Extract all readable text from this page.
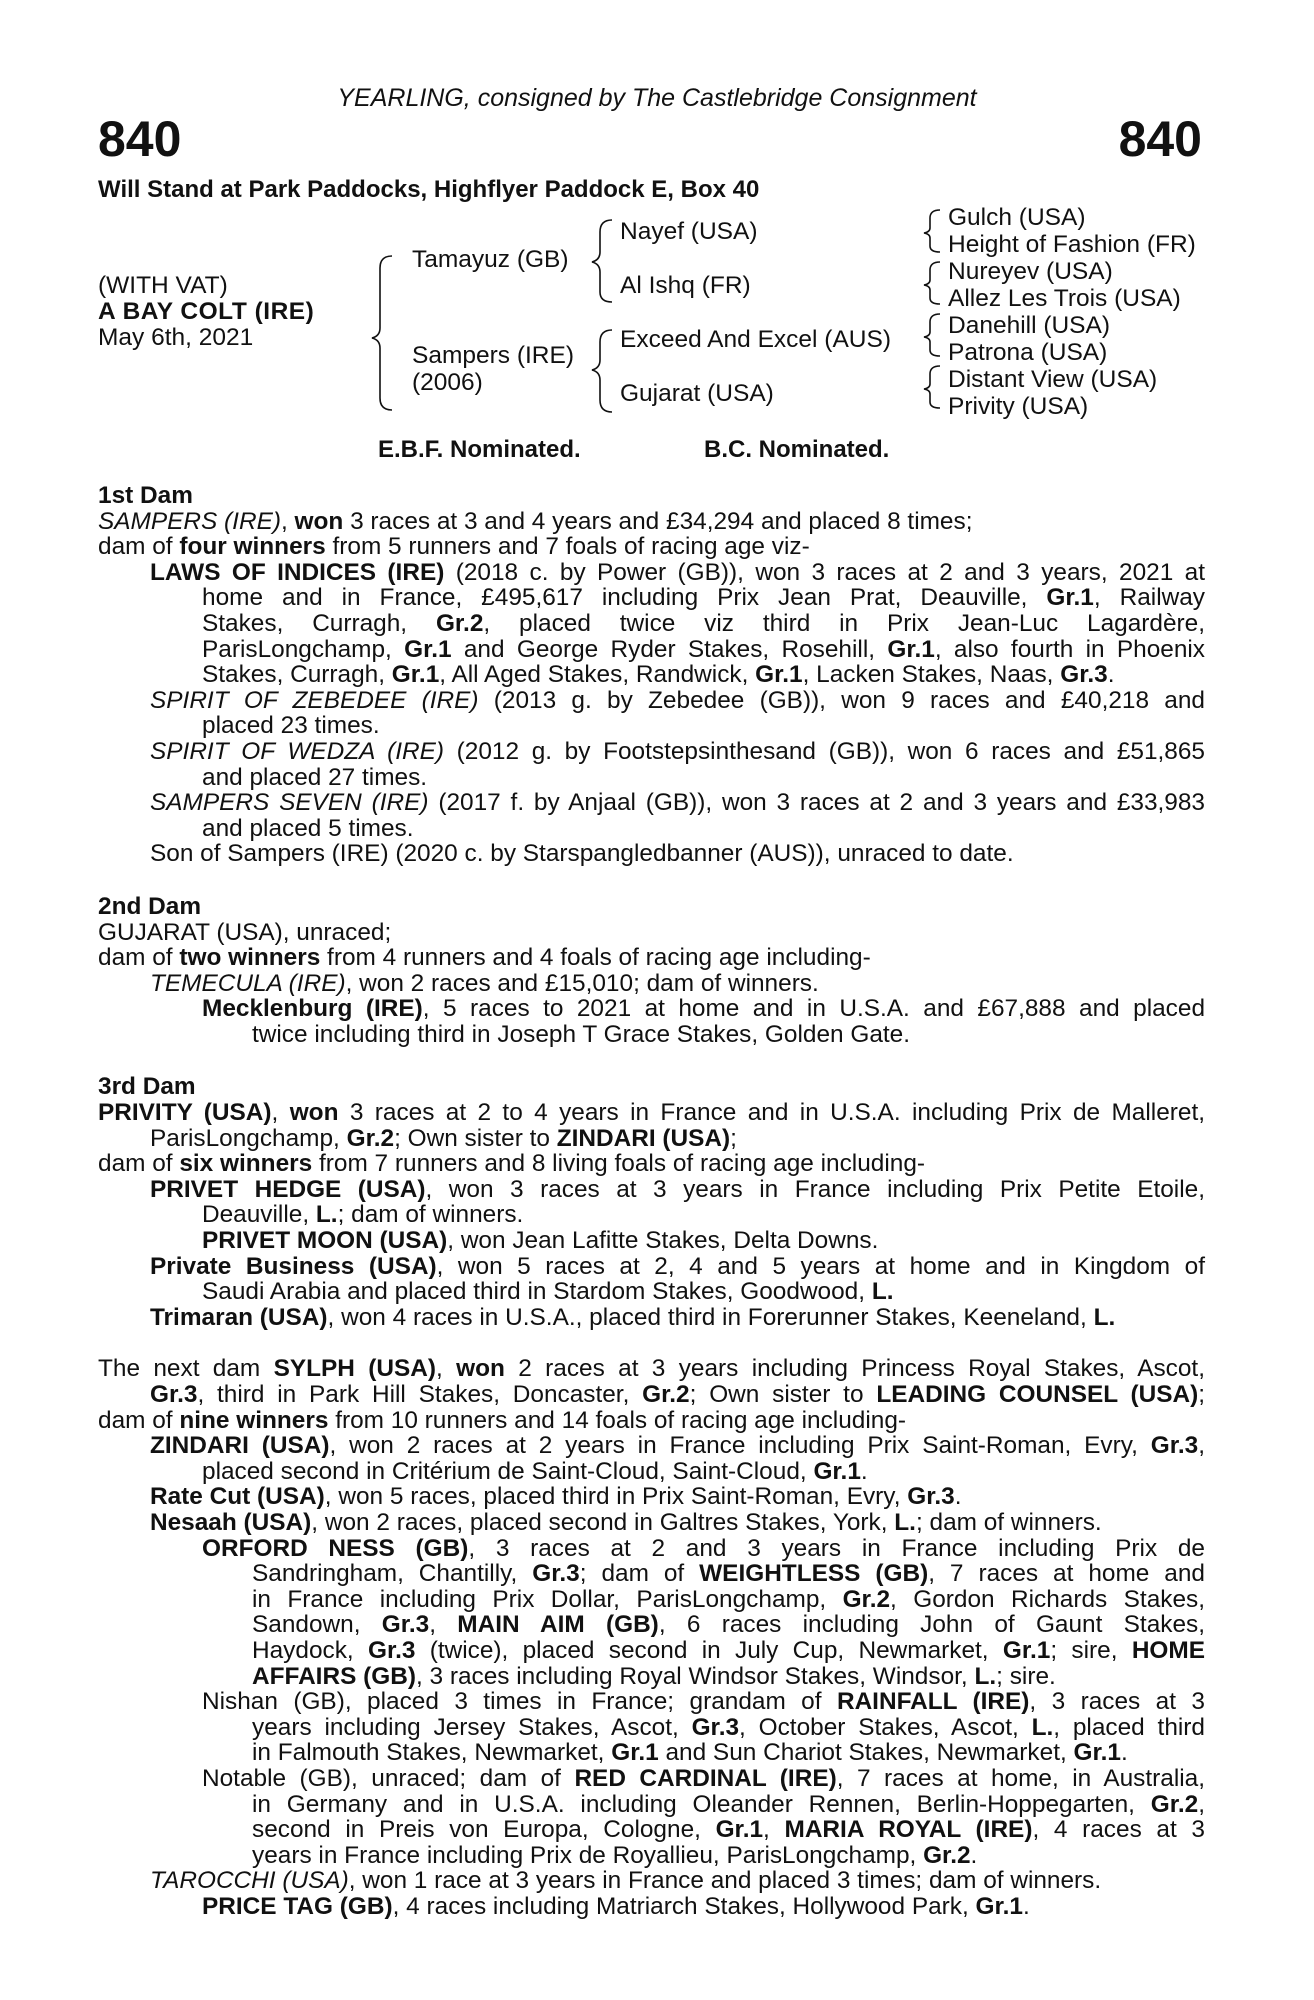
840	840
YEARLING, consigned by The Castlebridge Consignment
Will Stand at Park Paddocks, Highflyer Paddock E, Box 40
(WITH VAT)
A BAY COLT (IRE)
May 6th, 2021
Tamayuz (GB)
Sampers (IRE)
(2006)
Nayef (USA)
Al Ishq (FR)
Exceed And Excel (AUS)
Gujarat (USA)
Gulch (USA)
Height of Fashion (FR)
Nureyev (USA)
Allez Les Trois (USA)
Danehill (USA)
Patrona (USA)
Distant View (USA)
Privity (USA)
E.B.F. Nominated.	B.C. Nominated.
1st Dam
SAMPERS (IRE), won 3 races at 3 and 4 years and £34,294 and placed 8 times;
dam of four winners from 5 runners and 7 foals of racing age viz-
LAWS OF INDICES (IRE) (2018 c. by Power (GB)), won 3 races at 2 and 3 years, 2021 at
home and in France, £495,617 including Prix Jean Prat, Deauville, Gr.1, Railway
Stakes, Curragh, Gr.2, placed twice viz third in Prix Jean-Luc Lagardère,
ParisLongchamp, Gr.1 and George Ryder Stakes, Rosehill, Gr.1, also fourth in Phoenix
Stakes, Curragh, Gr.1, All Aged Stakes, Randwick, Gr.1, Lacken Stakes, Naas, Gr.3.
SPIRIT OF ZEBEDEE (IRE) (2013 g. by Zebedee (GB)), won 9 races and £40,218 and
placed 23 times.
SPIRIT OF WEDZA (IRE) (2012 g. by Footstepsinthesand (GB)), won 6 races and £51,865
and placed 27 times.
SAMPERS SEVEN (IRE) (2017 f. by Anjaal (GB)), won 3 races at 2 and 3 years and £33,983
and placed 5 times.
Son of Sampers (IRE) (2020 c. by Starspangledbanner (AUS)), unraced to date.
2nd Dam
GUJARAT (USA), unraced;
dam of two winners from 4 runners and 4 foals of racing age including-
TEMECULA (IRE), won 2 races and £15,010; dam of winners.
Mecklenburg (IRE), 5 races to 2021 at home and in U.S.A. and £67,888 and placed
twice including third in Joseph T Grace Stakes, Golden Gate.
3rd Dam
PRIVITY (USA), won 3 races at 2 to 4 years in France and in U.S.A. including Prix de Malleret,
ParisLongchamp, Gr.2; Own sister to ZINDARI (USA);
dam of six winners from 7 runners and 8 living foals of racing age including-
PRIVET HEDGE (USA), won 3 races at 3 years in France including Prix Petite Etoile,
Deauville, L.; dam of winners.
PRIVET MOON (USA), won Jean Lafitte Stakes, Delta Downs.
Private Business (USA), won 5 races at 2, 4 and 5 years at home and in Kingdom of
Saudi Arabia and placed third in Stardom Stakes, Goodwood, L.
Trimaran (USA), won 4 races in U.S.A., placed third in Forerunner Stakes, Keeneland, L.
The next dam SYLPH (USA), won 2 races at 3 years including Princess Royal Stakes, Ascot,
Gr.3, third in Park Hill Stakes, Doncaster, Gr.2; Own sister to LEADING COUNSEL (USA);
dam of nine winners from 10 runners and 14 foals of racing age including-
ZINDARI (USA), won 2 races at 2 years in France including Prix Saint-Roman, Evry, Gr.3,
placed second in Critérium de Saint-Cloud, Saint-Cloud, Gr.1.
Rate Cut (USA), won 5 races, placed third in Prix Saint-Roman, Evry, Gr.3.
Nesaah (USA), won 2 races, placed second in Galtres Stakes, York, L.; dam of winners.
ORFORD NESS (GB), 3 races at 2 and 3 years in France including Prix de
Sandringham, Chantilly, Gr.3; dam of WEIGHTLESS (GB), 7 races at home and
in France including Prix Dollar, ParisLongchamp, Gr.2, Gordon Richards Stakes,
Sandown, Gr.3, MAIN AIM (GB), 6 races including John of Gaunt Stakes,
Haydock, Gr.3 (twice), placed second in July Cup, Newmarket, Gr.1; sire, HOME
AFFAIRS (GB), 3 races including Royal Windsor Stakes, Windsor, L.; sire.
Nishan (GB), placed 3 times in France; grandam of RAINFALL (IRE), 3 races at 3
years including Jersey Stakes, Ascot, Gr.3, October Stakes, Ascot, L., placed third
in Falmouth Stakes, Newmarket, Gr.1 and Sun Chariot Stakes, Newmarket, Gr.1.
Notable (GB), unraced; dam of RED CARDINAL (IRE), 7 races at home, in Australia,
in Germany and in U.S.A. including Oleander Rennen, Berlin-Hoppegarten, Gr.2,
second in Preis von Europa, Cologne, Gr.1, MARIA ROYAL (IRE), 4 races at 3
years in France including Prix de Royallieu, ParisLongchamp, Gr.2.
TAROCCHI (USA), won 1 race at 3 years in France and placed 3 times; dam of winners.
PRICE TAG (GB), 4 races including Matriarch Stakes, Hollywood Park, Gr.1.
